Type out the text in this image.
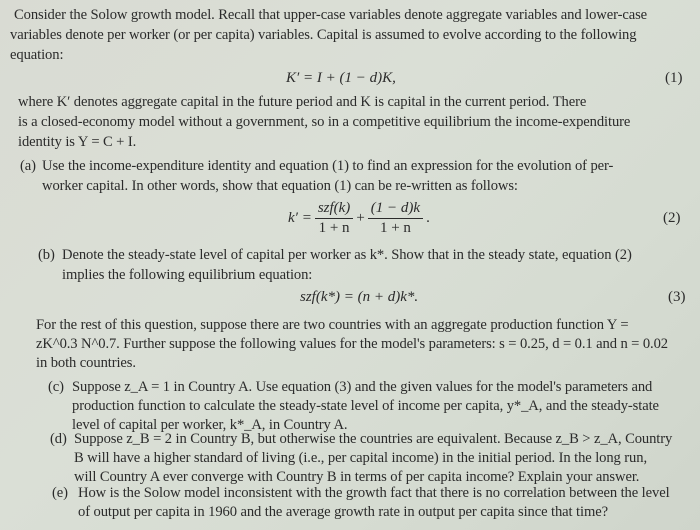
Consider the Solow growth model. Recall that upper-case variables denote aggregate variables and lower-case
variables denote per worker (or per capita) variables. Capital is assumed to evolve according to the following
equation:
K′ = I + (1 − d)K,	(1)
where K′ denotes aggregate capital in the future period and K is capital in the current period. There
is a closed-economy model without a government, so in a competitive equilibrium the income-expenditure
identity is Y = C + I.
(a) Use the income-expenditure identity and equation (1) to find an expression for the evolution of per-
worker capital. In other words, show that equation (1) can be re-written as follows:
$k' = \frac{\text{szf(k)}}{1 + n} + \frac{(1 - d)k}{1 + n}$ .	(2)
(b) Denote the steady-state level of capital per worker as k*. Show that in the steady state, equation (2)
implies the following equilibrium equation:
szf(k*) = (n + d)k*.	(3)
For the rest of this question, suppose there are two countries with an aggregate production function Y =
zK^0.3 N^0.7. Further suppose the following values for the model's parameters: s = 0.25, d = 0.1 and n = 0.02
in both countries.
(c) Suppose z_A = 1 in Country A. Use equation (3) and the given values for the model's parameters and
production function to calculate the steady-state level of income per capita, y*_A, and the steady-state
level of capital per worker, k*_A, in Country A.
(d) Suppose z_B = 2 in Country B, but otherwise the countries are equivalent. Because z_B > z_A, Country
B will have a higher standard of living (i.e., per capital income) in the initial period. In the long run,
will Country A ever converge with Country B in terms of per capita income? Explain your answer.
(e) How is the Solow model inconsistent with the growth fact that there is no correlation between the level
of output per capita in 1960 and the average growth rate in output per capita since that time?
